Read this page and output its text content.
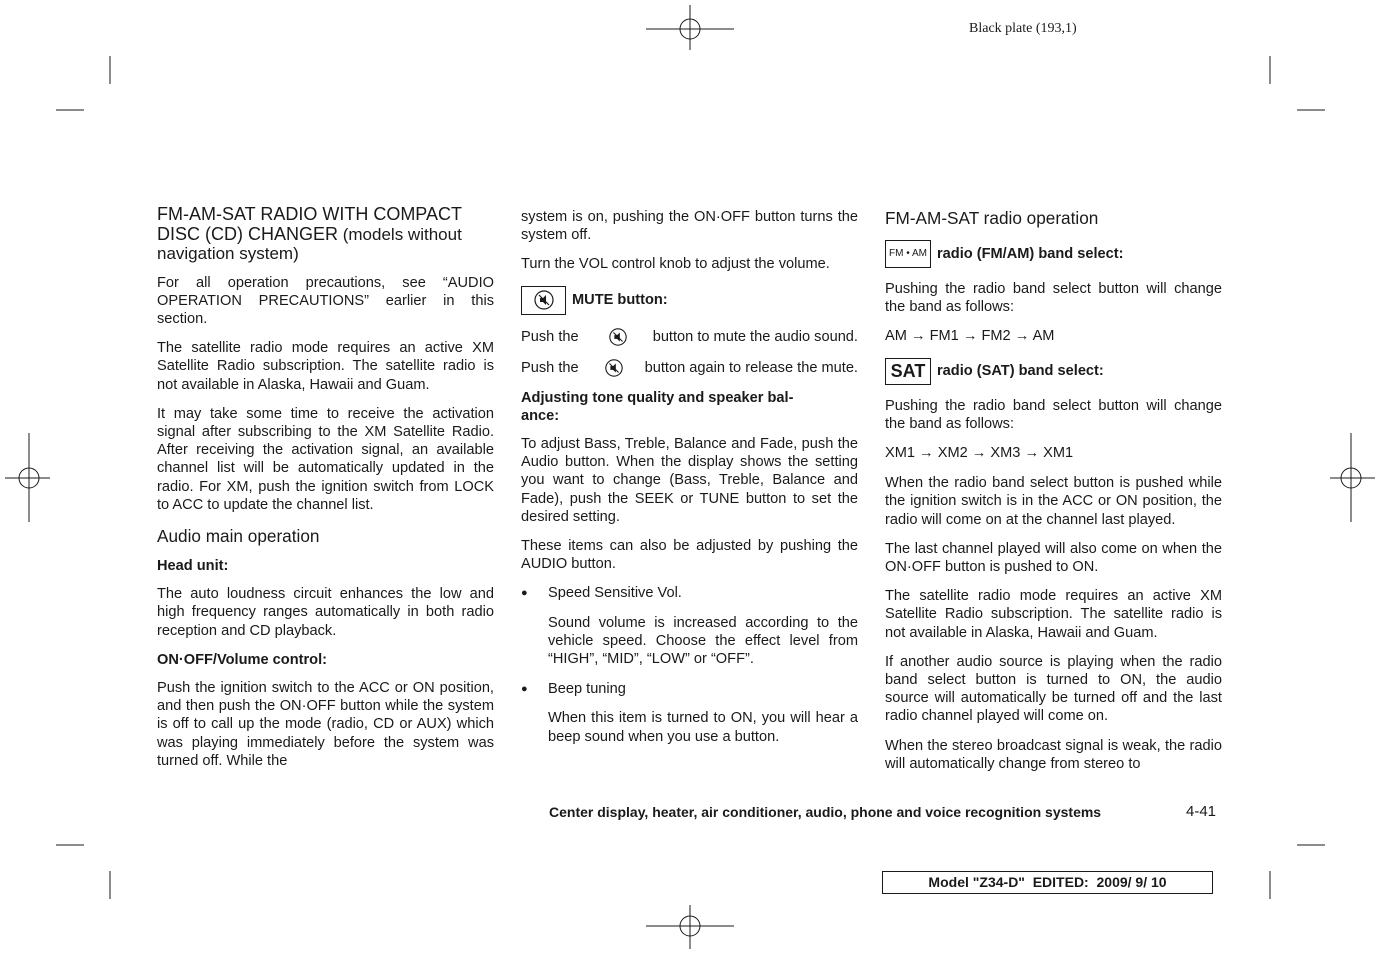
Black plate (193,1)
FM-AM-SAT RADIO WITH COMPACT
DISC (CD) CHANGER (models without
navigation system)

For all operation precautions, see “AUDIO OPERATION PRECAUTIONS” earlier in this section.

The satellite radio mode requires an active XM Satellite Radio subscription. The satellite radio is not available in Alaska, Hawaii and Guam.

It may take some time to receive the activation signal after subscribing to the XM Satellite Radio. After receiving the activation signal, an available channel list will be automatically updated in the radio. For XM, push the ignition switch from LOCK to ACC to update the channel list.

Audio main operation
Head unit:

The auto loudness circuit enhances the low and high frequency ranges automatically in both radio reception and CD playback.

ON·OFF/Volume control:

Push the ignition switch to the ACC or ON position, and then push the ON·OFF button while the system is off to call up the mode (radio, CD or AUX) which was playing immediately before the system was turned off. While the

system is on, pushing the ON·OFF button turns the system off.

Turn the VOL control knob to adjust the volume.

MUTE button:

Push the	button to mute the audio sound.

Push the	button again to release the mute.

Adjusting tone quality and speaker bal-
ance:

To adjust Bass, Treble, Balance and Fade, push the Audio button. When the display shows the setting you want to change (Bass, Treble, Balance and Fade), push the SEEK or TUNE button to set the desired setting.

These items can also be adjusted by pushing the AUDIO button.

●	Speed Sensitive Vol.

Sound volume is increased according to the vehicle speed. Choose the effect level from “HIGH”, “MID”, “LOW” or “OFF”.

●	Beep tuning

When this item is turned to ON, you will hear a beep sound when you use a button.

FM-AM-SAT radio operation
FM • AM radio (FM/AM) band select:

Pushing the radio band select button will change the band as follows:

AM → FM1 → FM2 → AM

SAT radio (SAT) band select:

Pushing the radio band select button will change the band as follows:

XM1 → XM2 → XM3 → XM1

When the radio band select button is pushed while the ignition switch is in the ACC or ON position, the radio will come on at the channel last played.

The last channel played will also come on when the ON·OFF button is pushed to ON.

The satellite radio mode requires an active XM Satellite Radio subscription. The satellite radio is not available in Alaska, Hawaii and Guam.

If another audio source is playing when the radio band select button is turned to ON, the audio source will automatically be turned off and the last radio channel played will come on.

When the stereo broadcast signal is weak, the radio will automatically change from stereo to

Center display, heater, air conditioner, audio, phone and voice recognition systems	4-41
Model "Z34-D" EDITED: 2009/ 9/ 10
